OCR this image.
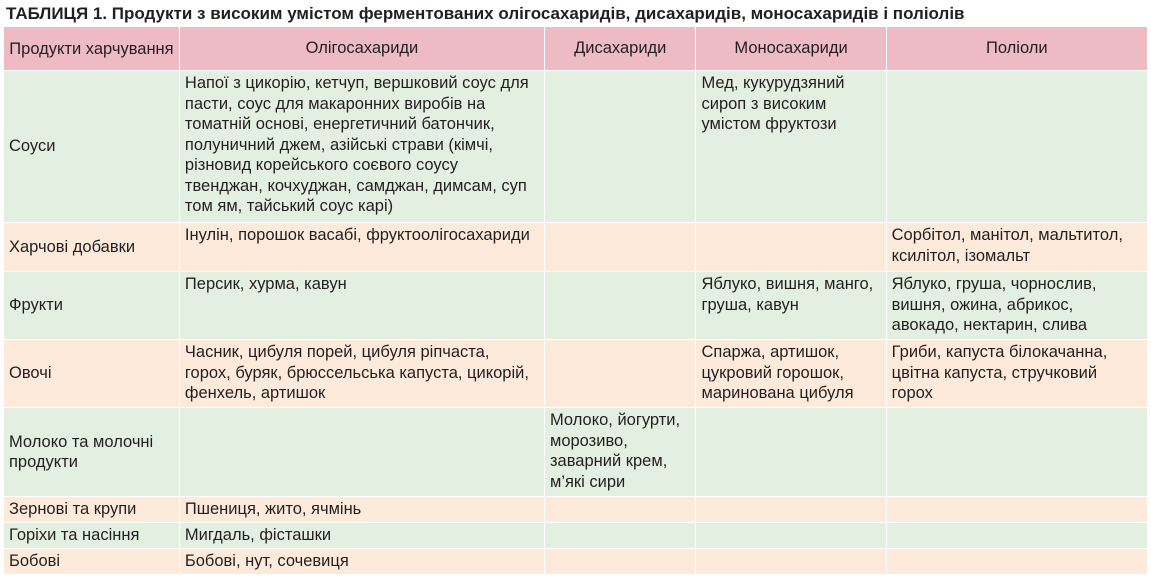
ТАБЛИЦЯ 1. Продукти з високим умістом ферментованих олігосахаридів, дисахаридів, моносахаридів і поліолів
Продукти харчування	Олігосахариди	Дисахариди	Моносахариди	Поліоли
Соуси	Напої з цикорію, кетчуп, вершковий соус для пасти, соус для макаронних виробів на томатній основі, енергетичний батончик, полуничний джем, азійські страви (кімчі, різновид корейського соєвого соусу твенджан, кочхуджан, самджан, димсам, суп том ям, тайський соус карі)		Мед, кукурудзяний сироп з високим умістом фруктози	
Харчові добавки	Інулін, порошок васабі, фруктоолігосахариди			Сорбітол, манітол, мальтитол, ксилітол, ізомальт
Фрукти	Персик, хурма, кавун		Яблуко, вишня, манго, груша, кавун	Яблуко, груша, чорнослив, вишня, ожина, абрикос, авокадо, нектарин, слива
Овочі	Часник, цибуля порей, цибуля ріпчаста, горох, буряк, брюссельська капуста, цикорій, фенхель, артишок		Спаржа, артишок, цукровий горошок, маринована цибуля	Гриби, капуста білокачанна, цвітна капуста, стручковий горох
Молоко та молочні продукти		Молоко, йогурти, морозиво, заварний крем, м’які сири		
Зернові та крупи	Пшениця, жито, ячмінь			
Горіхи та насіння	Мигдаль, фісташки			
Бобові	Бобові, нут, сочевиця			
